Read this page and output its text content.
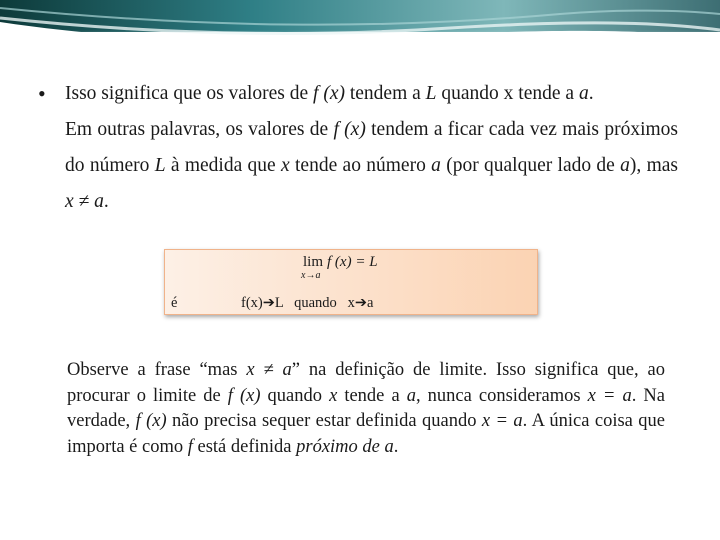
• Isso significa que os valores de f (x) tendem a L quando x tende a a.

Em outras palavras, os valores de f (x) tendem a ficar cada vez mais próximos do número L à medida que x tende ao número a (por qualquer lado de a), mas x ≠ a.

lim
x→a
f (x) = L
é	f(x)➔L   quando   x➔a

Observe a frase “mas x ≠ a” na definição de limite. Isso significa que, ao procurar o limite de f (x) quando x tende a a, nunca consideramos x = a. Na verdade, f (x) não precisa sequer estar definida quando x = a. A única coisa que importa é como f está definida próximo de a.
